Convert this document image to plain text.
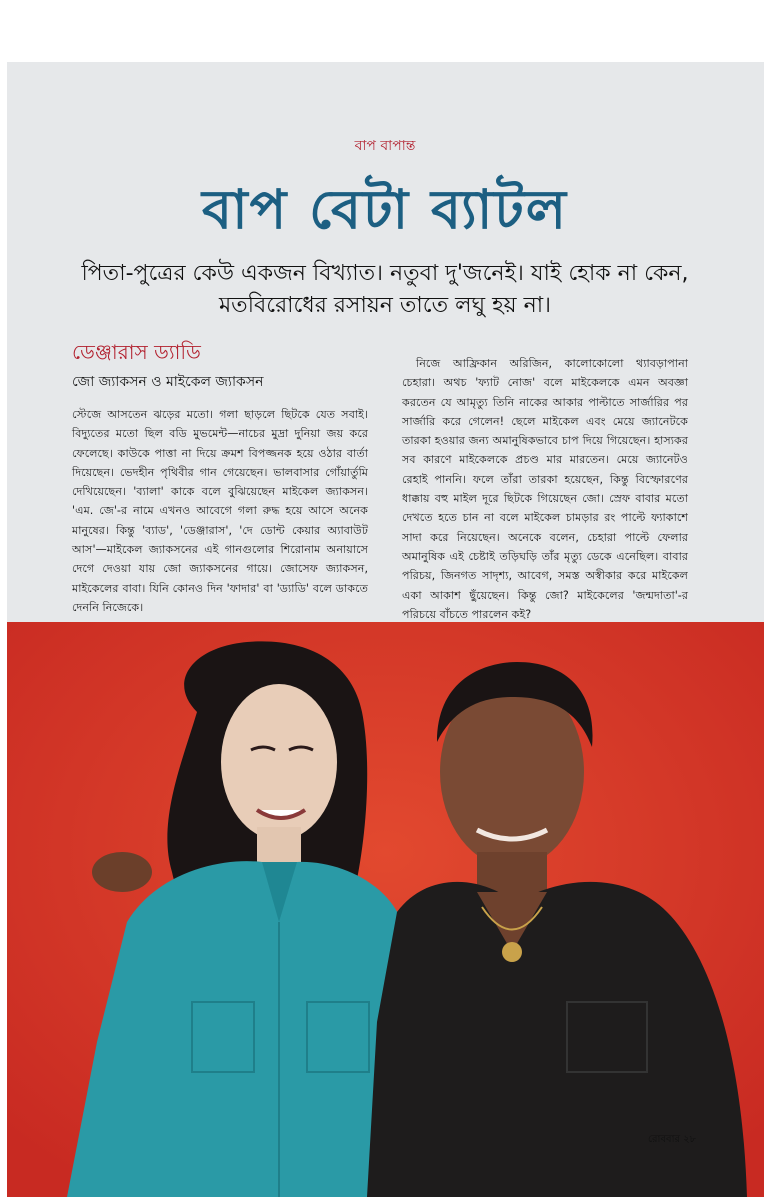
বাপ বাপান্ত
বাপ বেটা ব্যাটল
পিতা-পুত্রের কেউ একজন বিখ্যাত। নতুবা দু'জনেই। যাই হোক না কেন, মতবিরোধের রসায়ন তাতে লঘু হয় না।
ডেঞ্জারাস ড্যাডি
জো জ্যাকসন ও মাইকেল জ্যাকসন
স্টেজে আসতেন ঝড়ের মতো। গলা ছাড়লে ছিটকে যেত সবাই। বিদ্যুতের মতো ছিল বডি মুভমেন্ট—নাচের মুদ্রা দুনিয়া জয় করে ফেলেছে। কাউকে পাত্তা না দিয়ে ক্রমশ বিপজ্জনক হয়ে ওঠার বার্তা দিয়েছেন। ভেদহীন পৃথিবীর গান গেয়েছেন। ভালবাসার গোঁয়ার্তুমি দেখিয়েছেন। 'ব্যালা' কাকে বলে বুঝিয়েছেন মাইকেল জ্যাকসন। 'এম. জে'-র নামে এখনও আবেগে গলা রুদ্ধ হয়ে আসে অনেক মানুষের। কিন্তু 'ব্যাড', 'ডেঞ্জারাস', 'দে ডোন্ট কেয়ার অ্যাবাউট আস'—মাইকেল জ্যাকসনের এই গানগুলোর শিরোনাম অনায়াসে দেগে দেওয়া যায় জো জ্যাকসনের গায়ে। জোসেফ জ্যাকসন, মাইকেলের বাবা। যিনি কোনও দিন 'ফাদার' বা 'ড্যাডি' বলে ডাকতে দেননি নিজেকে।
নিজে আফ্রিকান অরিজিন, কালোকোলো থ্যাবড়াপানা চেহারা। অথচ 'ফ্যাট নোজ' বলে মাইকেলকে এমন অবজ্ঞা করতেন যে আমৃত্যু তিনি নাকের আকার পাল্টাতে সার্জারির পর সার্জারি করে গেলেন! ছেলে মাইকেল এবং মেয়ে জ্যানেটকে তারকা হওয়ার জন্য অমানুষিকভাবে চাপ দিয়ে গিয়েছেন। হাস্যকর সব কারণে মাইকেলকে প্রচণ্ড মার মারতেন। মেয়ে জ্যানেটও রেহাই পাননি। ফলে তাঁরা তারকা হয়েছেন, কিন্তু বিস্ফোরণের ধাক্কায় বহু মাইল দূরে ছিটকে গিয়েছেন জো। স্রেফ বাবার মতো দেখতে হতে চান না বলে মাইকেল চামড়ার রং পাল্টে ফ্যাকাশে সাদা করে নিয়েছেন। অনেকে বলেন, চেহারা পাল্টে ফেলার অমানুষিক এই চেষ্টাই তড়িঘড়ি তাঁর মৃত্যু ডেকে এনেছিল। বাবার পরিচয়, জিনগত সাদৃশ্য, আবেগ, সমস্ত অস্বীকার করে মাইকেল একা আকাশ ছুঁয়েছেন। কিন্তু জো? মাইকেলের 'জন্মদাতা'-র পরিচয়ে বাঁচতে পারলেন কই?
রোববার ২৮
